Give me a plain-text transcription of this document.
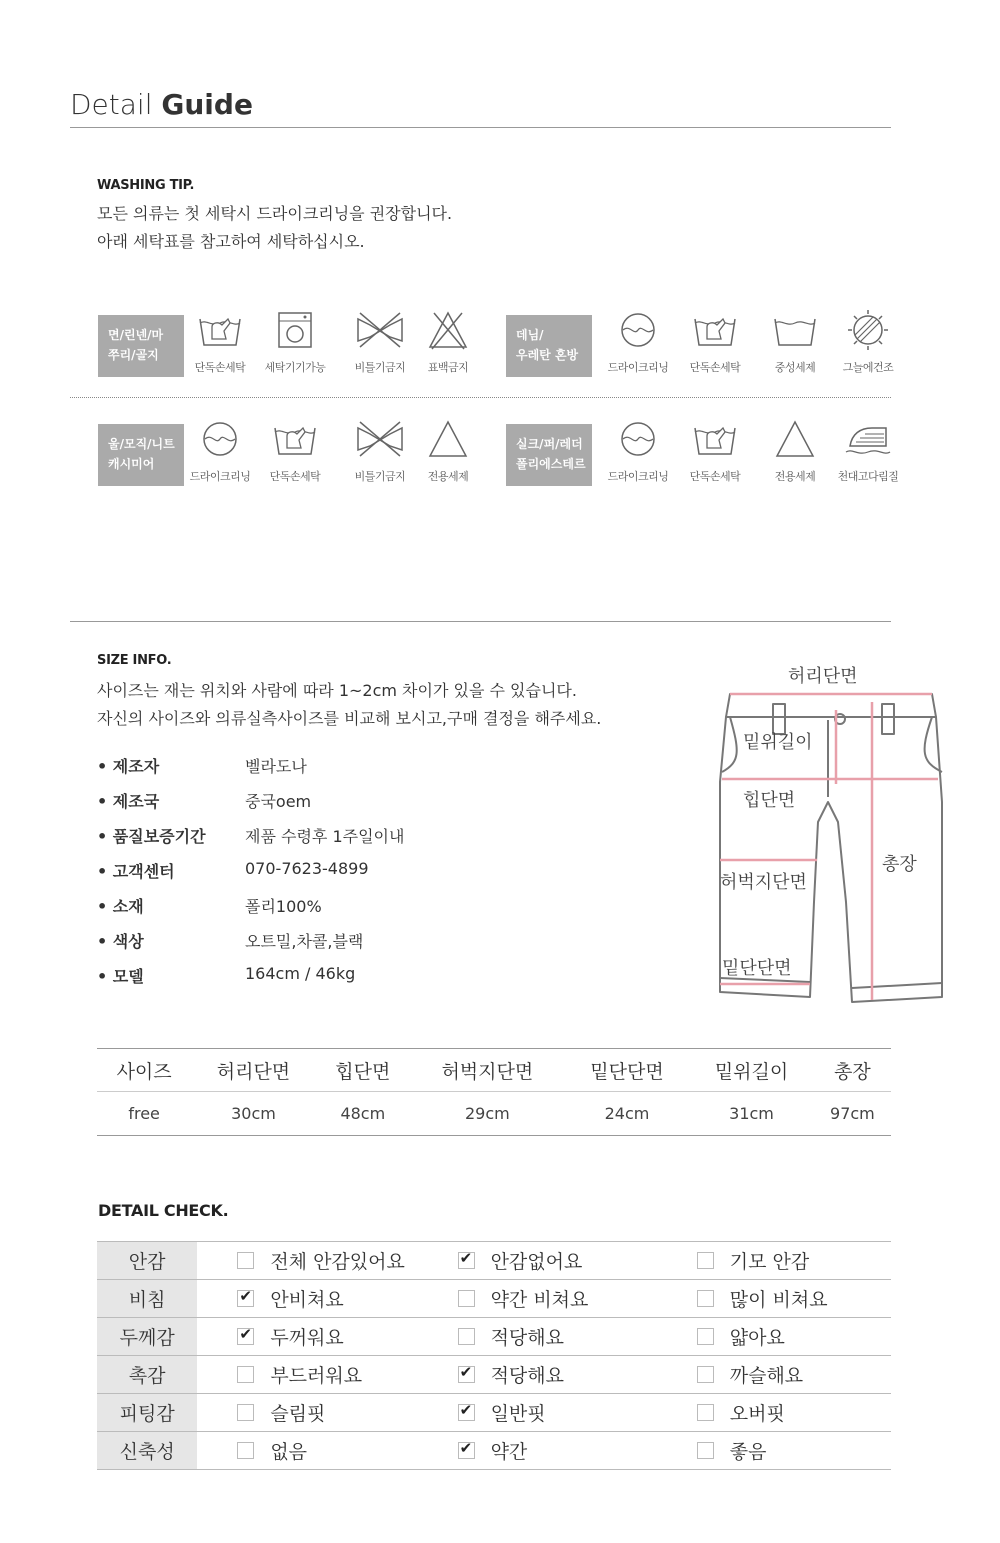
Detail Guide
WASHING TIP.
모든 의류는 첫 세탁시 드라이크리닝을 권장합니다.
아래 세탁표를 참고하여 세탁하십시오.
면/린넨/마
쭈리/골지
단독손세탁	세탁기기가능	비틀기금지	표백금지
데님/
우레탄 혼방
드라이크리닝	단독손세탁	중성세제	그늘에건조
울/모직/니트
캐시미어
드라이크리닝	단독손세탁	비틀기금지	전용세제
실크/퍼/레더
폴리에스테르
드라이크리닝	단독손세탁	전용세제	천대고다림질
SIZE INFO.
사이즈는 재는 위치와 사람에 따라 1~2cm 차이가 있을 수 있습니다.
자신의 사이즈와 의류실측사이즈를 비교해 보시고,구매 결정을 해주세요.
• 제조자	벨라도나
• 제조국	중국oem
• 품질보증기간 제품 수령후 1주일이내
• 고객센터	070-7623-4899
• 소재	폴리100%
• 색상	오트밀,차콜,블랙
• 모델	164cm / 46kg
허리단면
밑위길이
힙단면
허벅지단면
밑단단면
총장
사이즈	허리단면	힙단면	허벅지단면	밑단단면	밑위길이	총장
free	30cm	48cm	29cm	24cm	31cm	97cm
DETAIL CHECK.
안감	전체 안감있어요	✔안감없어요	기모 안감
비침	✔안비쳐요	약간 비쳐요	많이 비쳐요
두께감	✔두꺼워요	적당해요	얇아요
촉감	부드러워요	✔적당해요	까슬해요
피팅감	슬림핏	✔일반핏	오버핏
신축성	없음	✔약간	좋음
